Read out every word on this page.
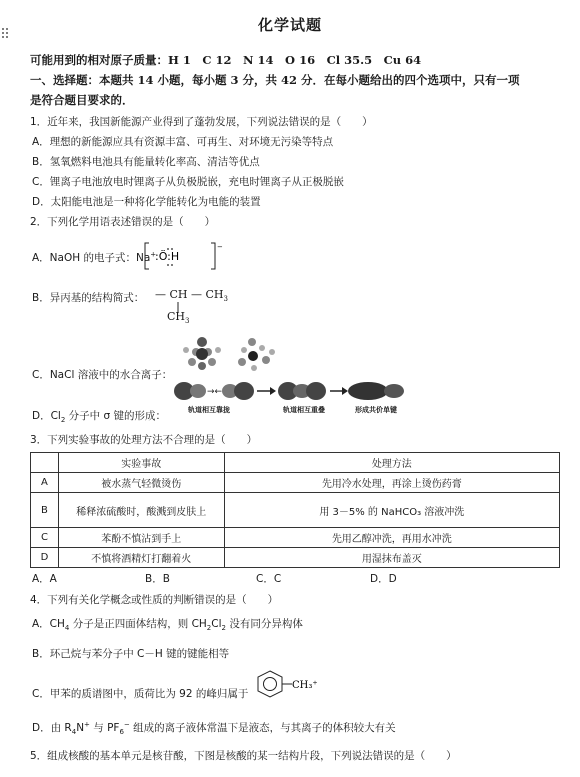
化学试题
可能用到的相对原子质量：H 1　C 12　N 14　O 16　Cl 35.5　Cu 64
一、选择题：本题共 14 小题，每小题 3 分，共 42 分．在每小题给出的四个选项中，只有一项
是符合题目要求的．
1．近年来，我国新能源产业得到了蓬勃发展，下列说法错误的是（　　）
A．理想的新能源应具有资源丰富、可再生、对环境无污染等特点
B．氢氧燃料电池具有能量转化率高、清洁等优点
C．锂离子电池放电时锂离子从负极脱嵌，充电时锂离子从正极脱嵌
D．太阳能电池是一种将化学能转化为电能的装置
2．下列化学用语表述错误的是（　　）
A．NaOH 的电子式：Na+
:Ö:H
−
B．异丙基的结构简式： — CH — $CH_3$
$CH_3$
C．NaCl 溶液中的水合离子：
→←
轨道相互靠拢	轨道相互重叠	形成共价单键
D．$Cl_2$ 分子中 σ 键的形成：
3．下列实验事故的处理方法不合理的是（　　）
	实验事故	处理方法
A	被水蒸气轻微烫伤	先用冷水处理，再涂上烫伤药膏
B	稀释浓硫酸时，酸溅到皮肤上	用 3－5% 的 NaHCO₃ 溶液冲洗
C	苯酚不慎沾到手上	先用乙醇冲洗，再用水冲洗
D	不慎将酒精灯打翻着火	用湿抹布盖灭
A．A	B．B	C．C	D．D
4．下列有关化学概念或性质的判断错误的是（　　）
A．$CH_4$ 分子是正四面体结构，则 $CH_2Cl_2$ 没有同分异构体
B．环己烷与苯分子中 C－H 键的键能相等
C．甲苯的质谱图中，质荷比为 92 的峰归属于
CH₃⁺
D．由 $R_4N^+$ 与 $PF_6^-$ 组成的离子液体常温下是液态，与其离子的体积较大有关
5．组成核酸的基本单元是核苷酸，下图是核酸的某一结构片段，下列说法错误的是（　　）
